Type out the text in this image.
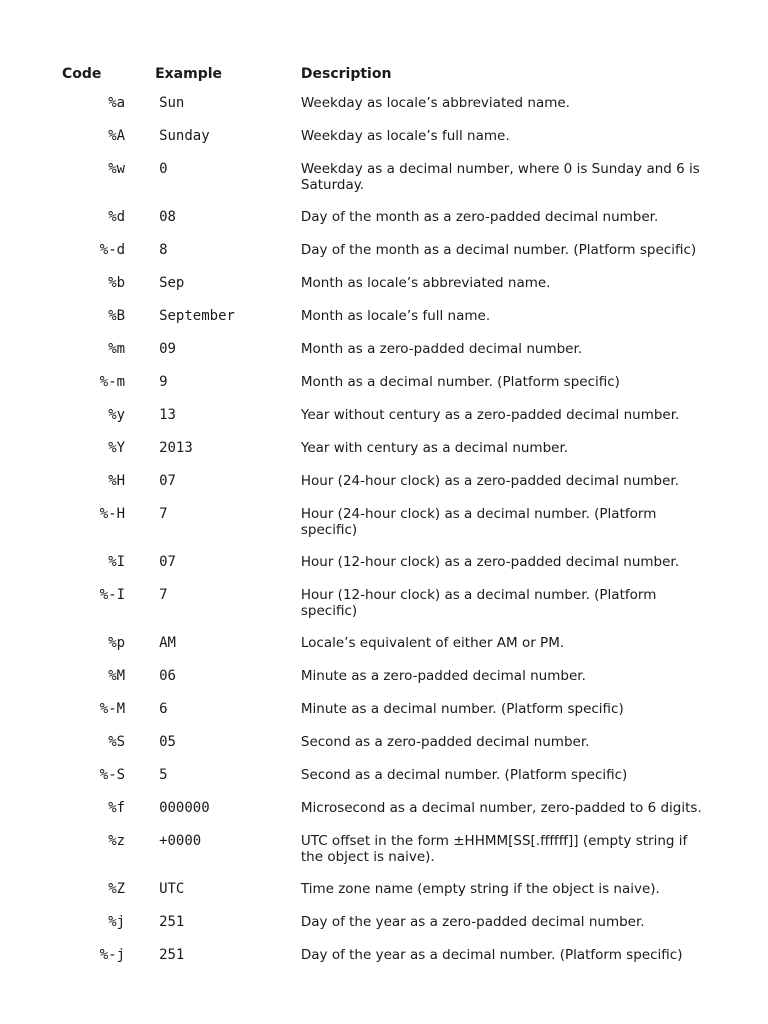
Code	Example	Description
%a	Sun	Weekday as locale’s abbreviated name.
%A	Sunday	Weekday as locale’s full name.
%w	0	Weekday as a decimal number, where 0 is Sunday and 6 is Saturday.
%d	08	Day of the month as a zero-padded decimal number.
%-d	8	Day of the month as a decimal number. (Platform specific)
%b	Sep	Month as locale’s abbreviated name.
%B	September	Month as locale’s full name.
%m	09	Month as a zero-padded decimal number.
%-m	9	Month as a decimal number. (Platform specific)
%y	13	Year without century as a zero-padded decimal number.
%Y	2013	Year with century as a decimal number.
%H	07	Hour (24-hour clock) as a zero-padded decimal number.
%-H	7	Hour (24-hour clock) as a decimal number. (Platform specific)
%I	07	Hour (12-hour clock) as a zero-padded decimal number.
%-I	7	Hour (12-hour clock) as a decimal number. (Platform specific)
%p	AM	Locale’s equivalent of either AM or PM.
%M	06	Minute as a zero-padded decimal number.
%-M	6	Minute as a decimal number. (Platform specific)
%S	05	Second as a zero-padded decimal number.
%-S	5	Second as a decimal number. (Platform specific)
%f	000000	Microsecond as a decimal number, zero-padded to 6 digits.
%z	+0000	UTC offset in the form ±HHMM[SS[.ffffff]] (empty string if the object is naive).
%Z	UTC	Time zone name (empty string if the object is naive).
%j	251	Day of the year as a zero-padded decimal number.
%-j	251	Day of the year as a decimal number. (Platform specific)
